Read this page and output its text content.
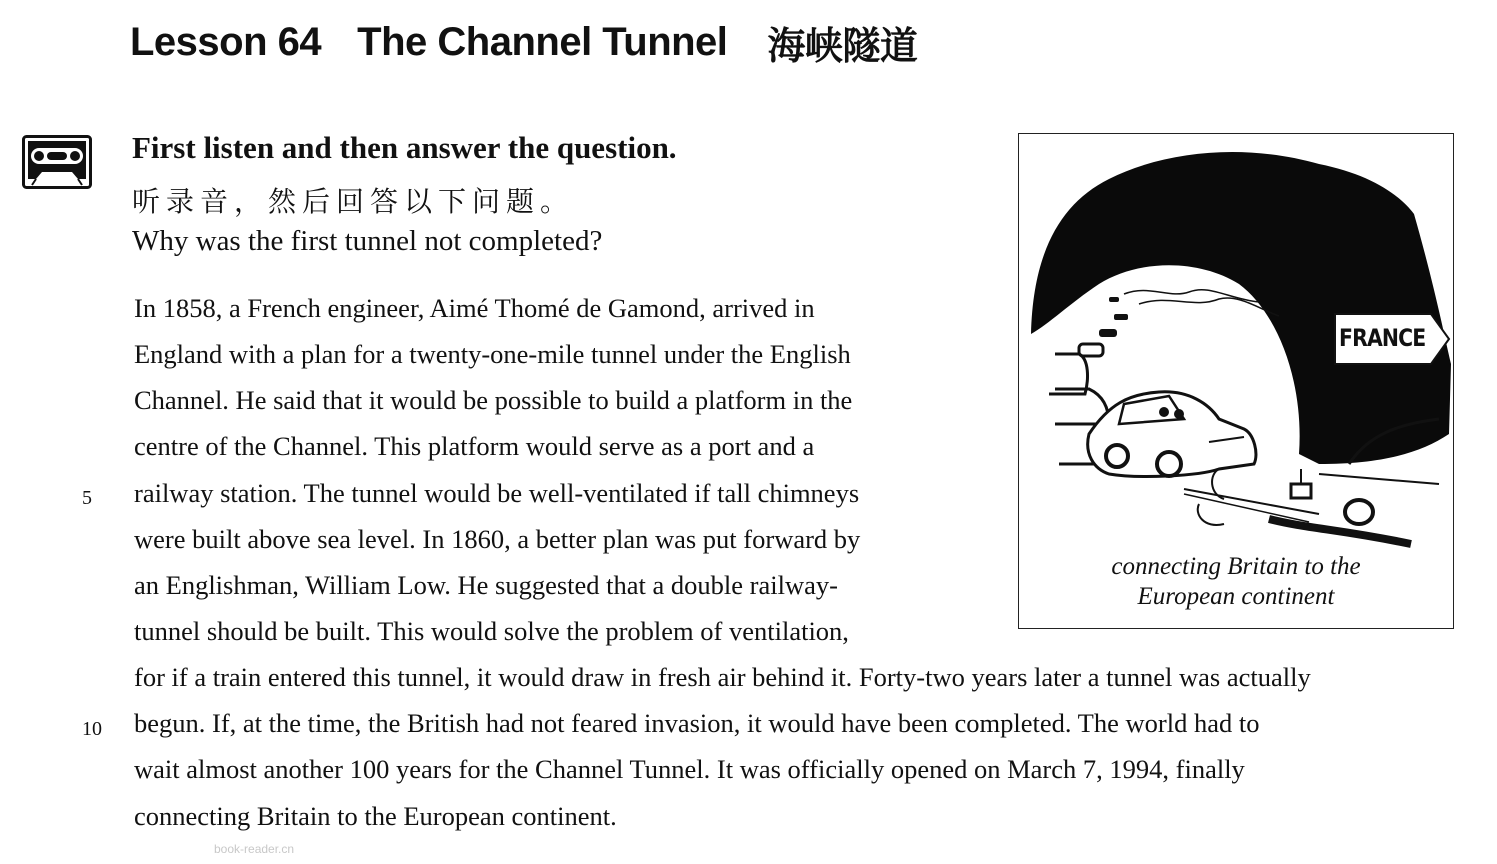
Lesson 64 The Channel Tunnel 海峡隧道
First listen and then answer the question.
听录音，然后回答以下问题。
Why was the first tunnel not completed?
In 1858, a French engineer, Aimé Thomé de Gamond, arrived in
England with a plan for a twenty-one-mile tunnel under the English
Channel. He said that it would be possible to build a platform in the
centre of the Channel. This platform would serve as a port and a
5 railway station. The tunnel would be well-ventilated if tall chimneys
were built above sea level. In 1860, a better plan was put forward by
an Englishman, William Low. He suggested that a double railway-
tunnel should be built. This would solve the problem of ventilation,
for if a train entered this tunnel, it would draw in fresh air behind it. Forty-two years later a tunnel was actually
10 begun. If, at the time, the British had not feared invasion, it would have been completed. The world had to
wait almost another 100 years for the Channel Tunnel. It was officially opened on March 7, 1994, finally
connecting Britain to the European continent.
FRANCE
connecting Britain to the
European continent
book-reader.cn
